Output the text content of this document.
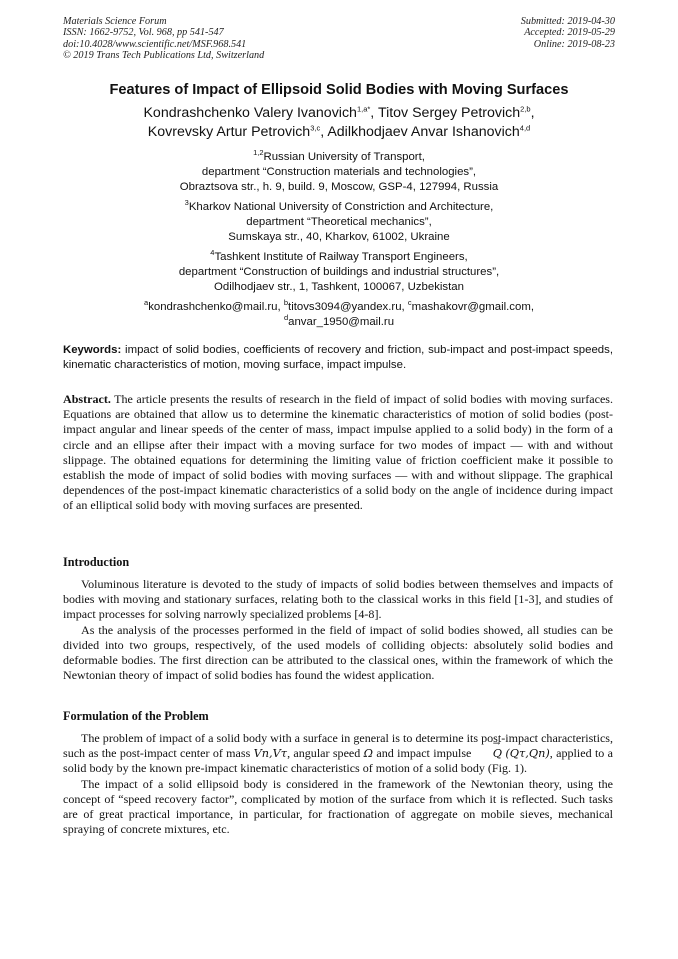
Materials Science Forum
ISSN: 1662-9752, Vol. 968, pp 541-547
doi:10.4028/www.scientific.net/MSF.968.541
© 2019 Trans Tech Publications Ltd, Switzerland
Submitted: 2019-04-30
Accepted: 2019-05-29
Online: 2019-08-23
Features of Impact of Ellipsoid Solid Bodies with Moving Surfaces
Kondrashchenko Valery Ivanovich$^{1,a*}$, Titov Sergey Petrovich$^{2,b}$,
Kovrevsky Artur Petrovich$^{3,c}$, Adilkhodjaev Anvar Ishanovich$^{4,d}$
$^{1,2}$Russian University of Transport,
department “Construction materials and technologies”,
Obraztsova str., h. 9, build. 9, Moscow, GSP-4, 127994, Russia
$^3$Kharkov National University of Constriction and Architecture,
department “Theoretical mechanics”,
Sumskaya str., 40, Kharkov, 61002, Ukraine
$^4$Tashkent Institute of Railway Transport Engineers,
department “Construction of buildings and industrial structures”,
Odilhodjaev str., 1, Tashkent, 100067, Uzbekistan
$^a$kondrashchenko@mail.ru, $^b$titovs3094@yandex.ru, $^c$mashakovr@gmail.com,
$^d$anvar_1950@mail.ru
Keywords: impact of solid bodies, coefficients of recovery and friction, sub-impact and post-impact speeds, kinematic characteristics of motion, moving surface, impact impulse.
Abstract. The article presents the results of research in the field of impact of solid bodies with moving surfaces. Equations are obtained that allow us to determine the kinematic characteristics of motion of solid bodies (post-impact angular and linear speeds of the center of mass, impact impulse applied to a solid body) in the form of a circle and an ellipse after their impact with a moving surface for two modes of impact — with and without slippage. The obtained equations for determining the limiting value of friction coefficient make it possible to establish the mode of impact of solid bodies with moving surfaces — with and without slippage. The graphical dependences of the post-impact kinematic characteristics of a solid body on the angle of incidence during impact of an elliptical solid body with moving surfaces are presented.
Introduction

Voluminous literature is devoted to the study of impacts of solid bodies between themselves and impacts of bodies with moving and stationary surfaces, relating both to the classical works in this field [1-3], and studies of impact processes for solving narrowly specialized problems [4-8].

As the analysis of the processes performed in the field of impact of solid bodies showed, all studies can be divided into two groups, respectively, of the used models of colliding objects: absolutely solid bodies and deformable bodies. The first direction can be attributed to the classical ones, within the framework of which the Newtonian theory of impact of solid bodies has found the widest application.

Formulation of the Problem

The problem of impact of a solid body with a surface in general is to determine its post-impact characteristics, such as the post-impact center of mass Vn,Vτ, angular speed Ω and impact impulse → Q (Qτ,Qn), applied to a solid body by the known pre-impact kinematic characteristics of motion of a solid body (Fig. 1).

The impact of a solid ellipsoid body is considered in the framework of the Newtonian theory, using the concept of “speed recovery factor”, complicated by motion of the surface from which it is reflected. Such tasks are of great practical importance, in particular, for fractionation of aggregate on mobile sieves, mechanical spraying of concrete mixtures, etc.
